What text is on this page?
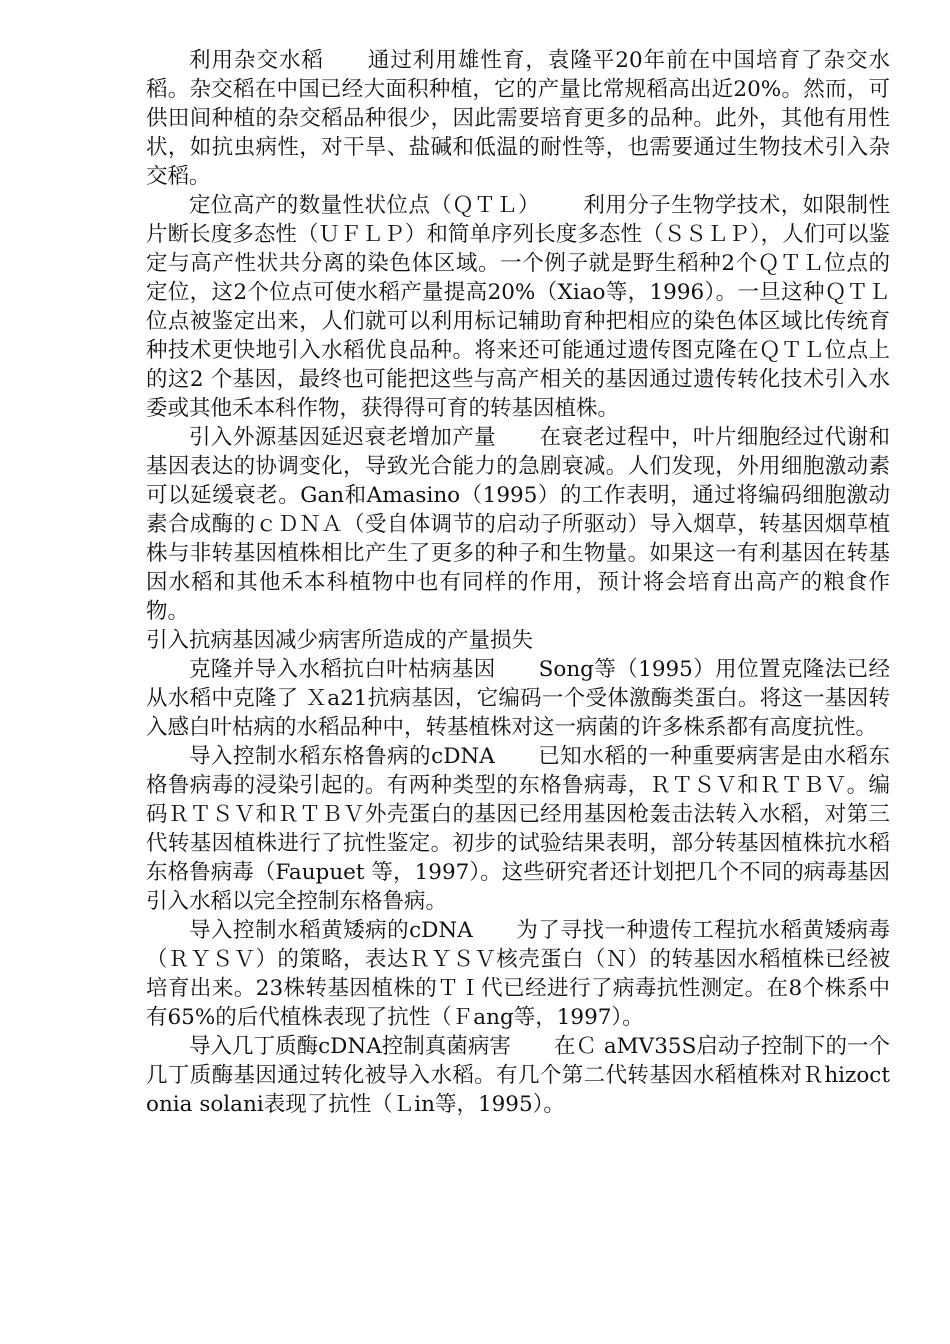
利用杂交水稻 通过利用雄性育，袁隆平20年前在中国培育了杂交水稻。杂交稻在中国已经大面积种植，它的产量比常规稻高出近20%。然而，可供田间种植的杂交稻品种很少，因此需要培育更多的品种。此外，其他有用性状，如抗虫病性，对干旱、盐碱和低温的耐性等，也需要通过生物技术引入杂交稻。

定位高产的数量性状位点（ＱＴＬ） 利用分子生物学技术，如限制性片断长度多态性（ＵＦＬＰ）和简单序列长度多态性（ＳＳＬＰ），人们可以鉴定与高产性状共分离的染色体区域。一个例子就是野生稻种2个ＱＴＬ位点的定位，这2个位点可使水稻产量提高20%（Xiao等，1996）。一旦这种ＱＴＬ位点被鉴定出来，人们就可以利用标记辅助育种把相应的染色体区域比传统育种技术更快地引入水稻优良品种。将来还可能通过遗传图克隆在ＱＴＬ位点上的这2 个基因，最终也可能把这些与高产相关的基因通过遗传转化技术引入水委或其他禾本科作物，获得得可育的转基因植株。

引入外源基因延迟衰老增加产量 在衰老过程中，叶片细胞经过代谢和基因表达的协调变化，导致光合能力的急剧衰减。人们发现，外用细胞激动素可以延缓衰老。Gan和Amasino（1995）的工作表明，通过将编码细胞激动素合成酶的ｃＤＮＡ（受自体调节的启动子所驱动）导入烟草，转基因烟草植株与非转基因植株相比产生了更多的种子和生物量。如果这一有利基因在转基因水稻和其他禾本科植物中也有同样的作用，预计将会培育出高产的粮食作物。

引入抗病基因减少病害所造成的产量损失

克隆并导入水稻抗白叶枯病基因 Song等（1995）用位置克隆法已经从水稻中克隆了 Ｘa21抗病基因，它编码一个受体激酶类蛋白。将这一基因转入感白叶枯病的水稻品种中，转基植株对这一病菌的许多株系都有高度抗性。

导入控制水稻东格鲁病的cDNA 已知水稻的一种重要病害是由水稻东格鲁病毒的浸染引起的。有两种类型的东格鲁病毒，ＲＴＳＶ和ＲＴＢＶ。编码ＲＴＳＶ和ＲＴＢＶ外壳蛋白的基因已经用基因枪轰击法转入水稻，对第三代转基因植株进行了抗性鉴定。初步的试验结果表明，部分转基因植株抗水稻东格鲁病毒（Faupuet 等，1997）。这些研究者还计划把几个不同的病毒基因引入水稻以完全控制东格鲁病。

导入控制水稻黄矮病的cDNA 为了寻找一种遗传工程抗水稻黄矮病毒（ＲＹＳＶ）的策略，表达ＲＹＳＶ核壳蛋白（Ｎ）的转基因水稻植株已经被培育出来。23株转基因植株的ＴＩ代已经进行了病毒抗性测定。在8个株系中有65%的后代植株表现了抗性（Ｆang等，1997）。

导入几丁质酶cDNA控制真菌病害 在Ｃ aMV35S启动子控制下的一个几丁质酶基因通过转化被导入水稻。有几个第二代转基因水稻植株对Ｒhizoctonia solani表现了抗性（Ｌin等，1995）。
